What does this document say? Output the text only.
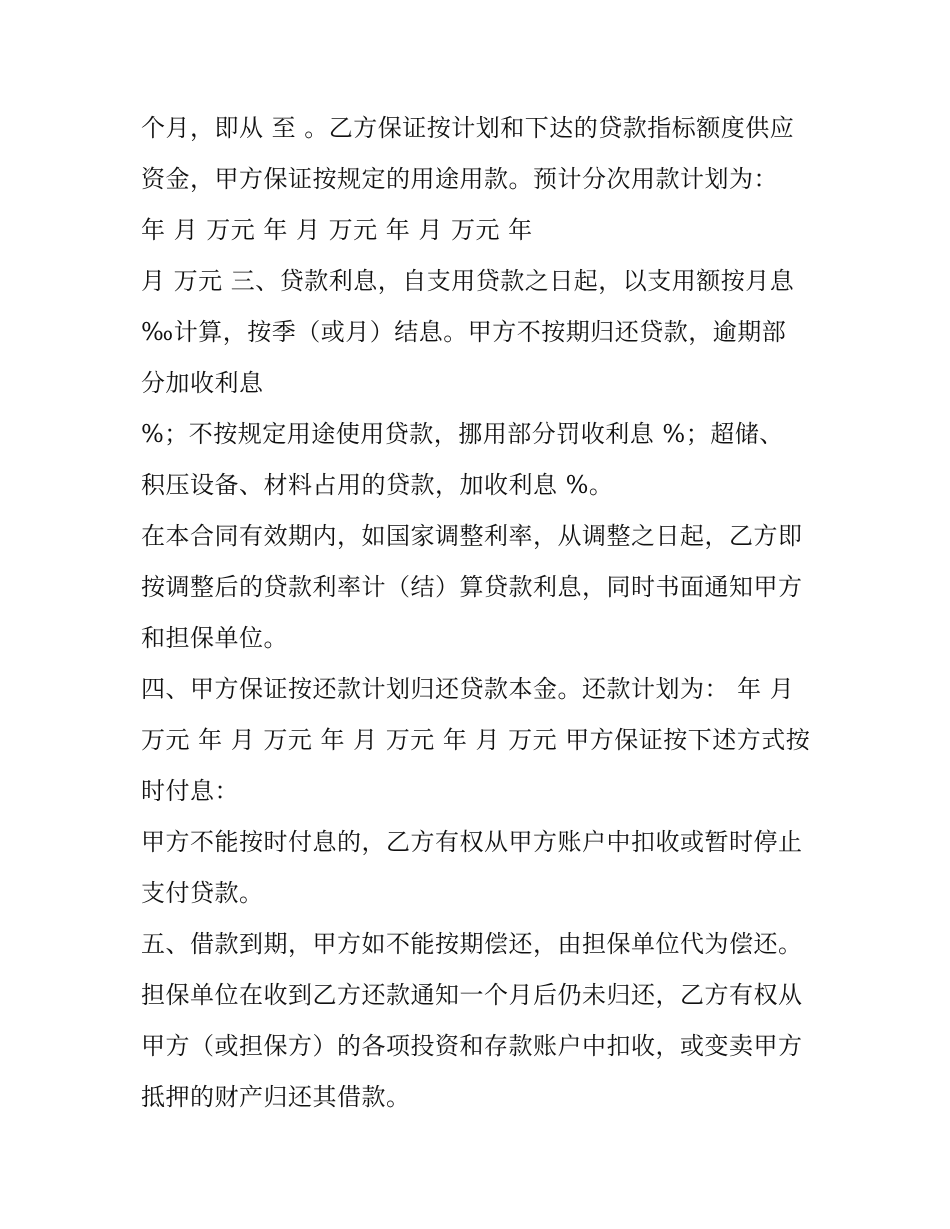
个月，即从 至 。乙方保证按计划和下达的贷款指标额度供应
资金，甲方保证按规定的用途用款。预计分次用款计划为：
年 月 万元 年 月 万元 年 月 万元 年
月 万元 三、贷款利息，自支用贷款之日起，以支用额按月息
‰计算，按季（或月）结息。甲方不按期归还贷款，逾期部
分加收利息
%；不按规定用途使用贷款，挪用部分罚收利息 %；超储、
积压设备、材料占用的贷款，加收利息 %。
在本合同有效期内，如国家调整利率，从调整之日起，乙方即
按调整后的贷款利率计（结）算贷款利息，同时书面通知甲方
和担保单位。
四、甲方保证按还款计划归还贷款本金。还款计划为： 年 月
万元 年 月 万元 年 月 万元 年 月 万元 甲方保证按下述方式按
时付息：
甲方不能按时付息的，乙方有权从甲方账户中扣收或暂时停止
支付贷款。
五、借款到期，甲方如不能按期偿还，由担保单位代为偿还。
担保单位在收到乙方还款通知一个月后仍未归还，乙方有权从
甲方（或担保方）的各项投资和存款账户中扣收，或变卖甲方
抵押的财产归还其借款。
